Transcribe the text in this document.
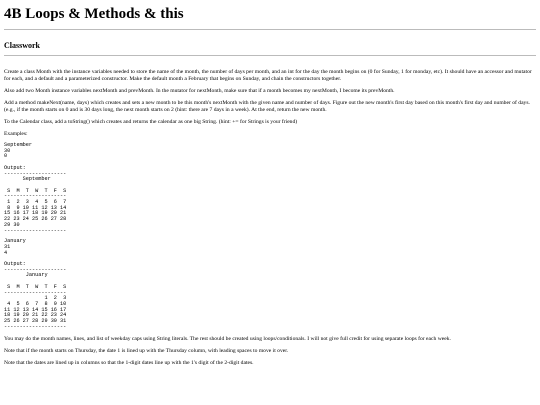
4B Loops & Methods & this
Classwork

Create a class Month with the instance variables needed to store the name of the month, the number of days per month, and an int for the day the month begins on (0 for Sunday, 1 for monday, etc). It should have an accessor and mutator for each, and a default and a parameterized constructor. Make the default month a February that begins on Sunday, and chain the constructors together.

Also add two Month instance variables nextMonth and prevMonth. In the mutator for nextMonth, make sure that if a month becomes my nextMonth, I become its prevMonth.

Add a method makeNext(name, days) which creates and sets a new month to be this month's nextMonth with the given name and number of days. Figure out the new month's first day based on this month's first day and number of days. (e.g., if the month starts on 0 and is 30 days long, the next month starts on 2 (hint: there are 7 days in a week). At the end, return the new month.

To the Calendar class, add a toString() which creates and returns the calendar as one big String. (hint: += for Strings is your friend)

Examples:

September
30
0

Output:
--------------------
September

S  M  T  W  T  F  S
--------------------
1  2  3  4  5  6  7
8  9 10 11 12 13 14
15 16 17 18 19 20 21
22 23 24 25 26 27 28
29 30
--------------------
January
31
4

Output:
--------------------
January

S  M  T  W  T  F  S
--------------------
1  2  3
4  5  6  7  8  9 10
11 12 13 14 15 16 17
18 19 20 21 22 23 24
25 26 27 28 29 30 31
--------------------

You may do the month names, lines, and list of weekday caps using String literals. The rest should be created using loops/conditionals. I will not give full credit for using separate loops for each week.

Note that if the month starts on Thursday, the date 1 is lined up with the Thursday column, with leading spaces to move it over.

Note that the dates are lined up in columns so that the 1-digit dates line up with the 1's digit of the 2-digit dates.
